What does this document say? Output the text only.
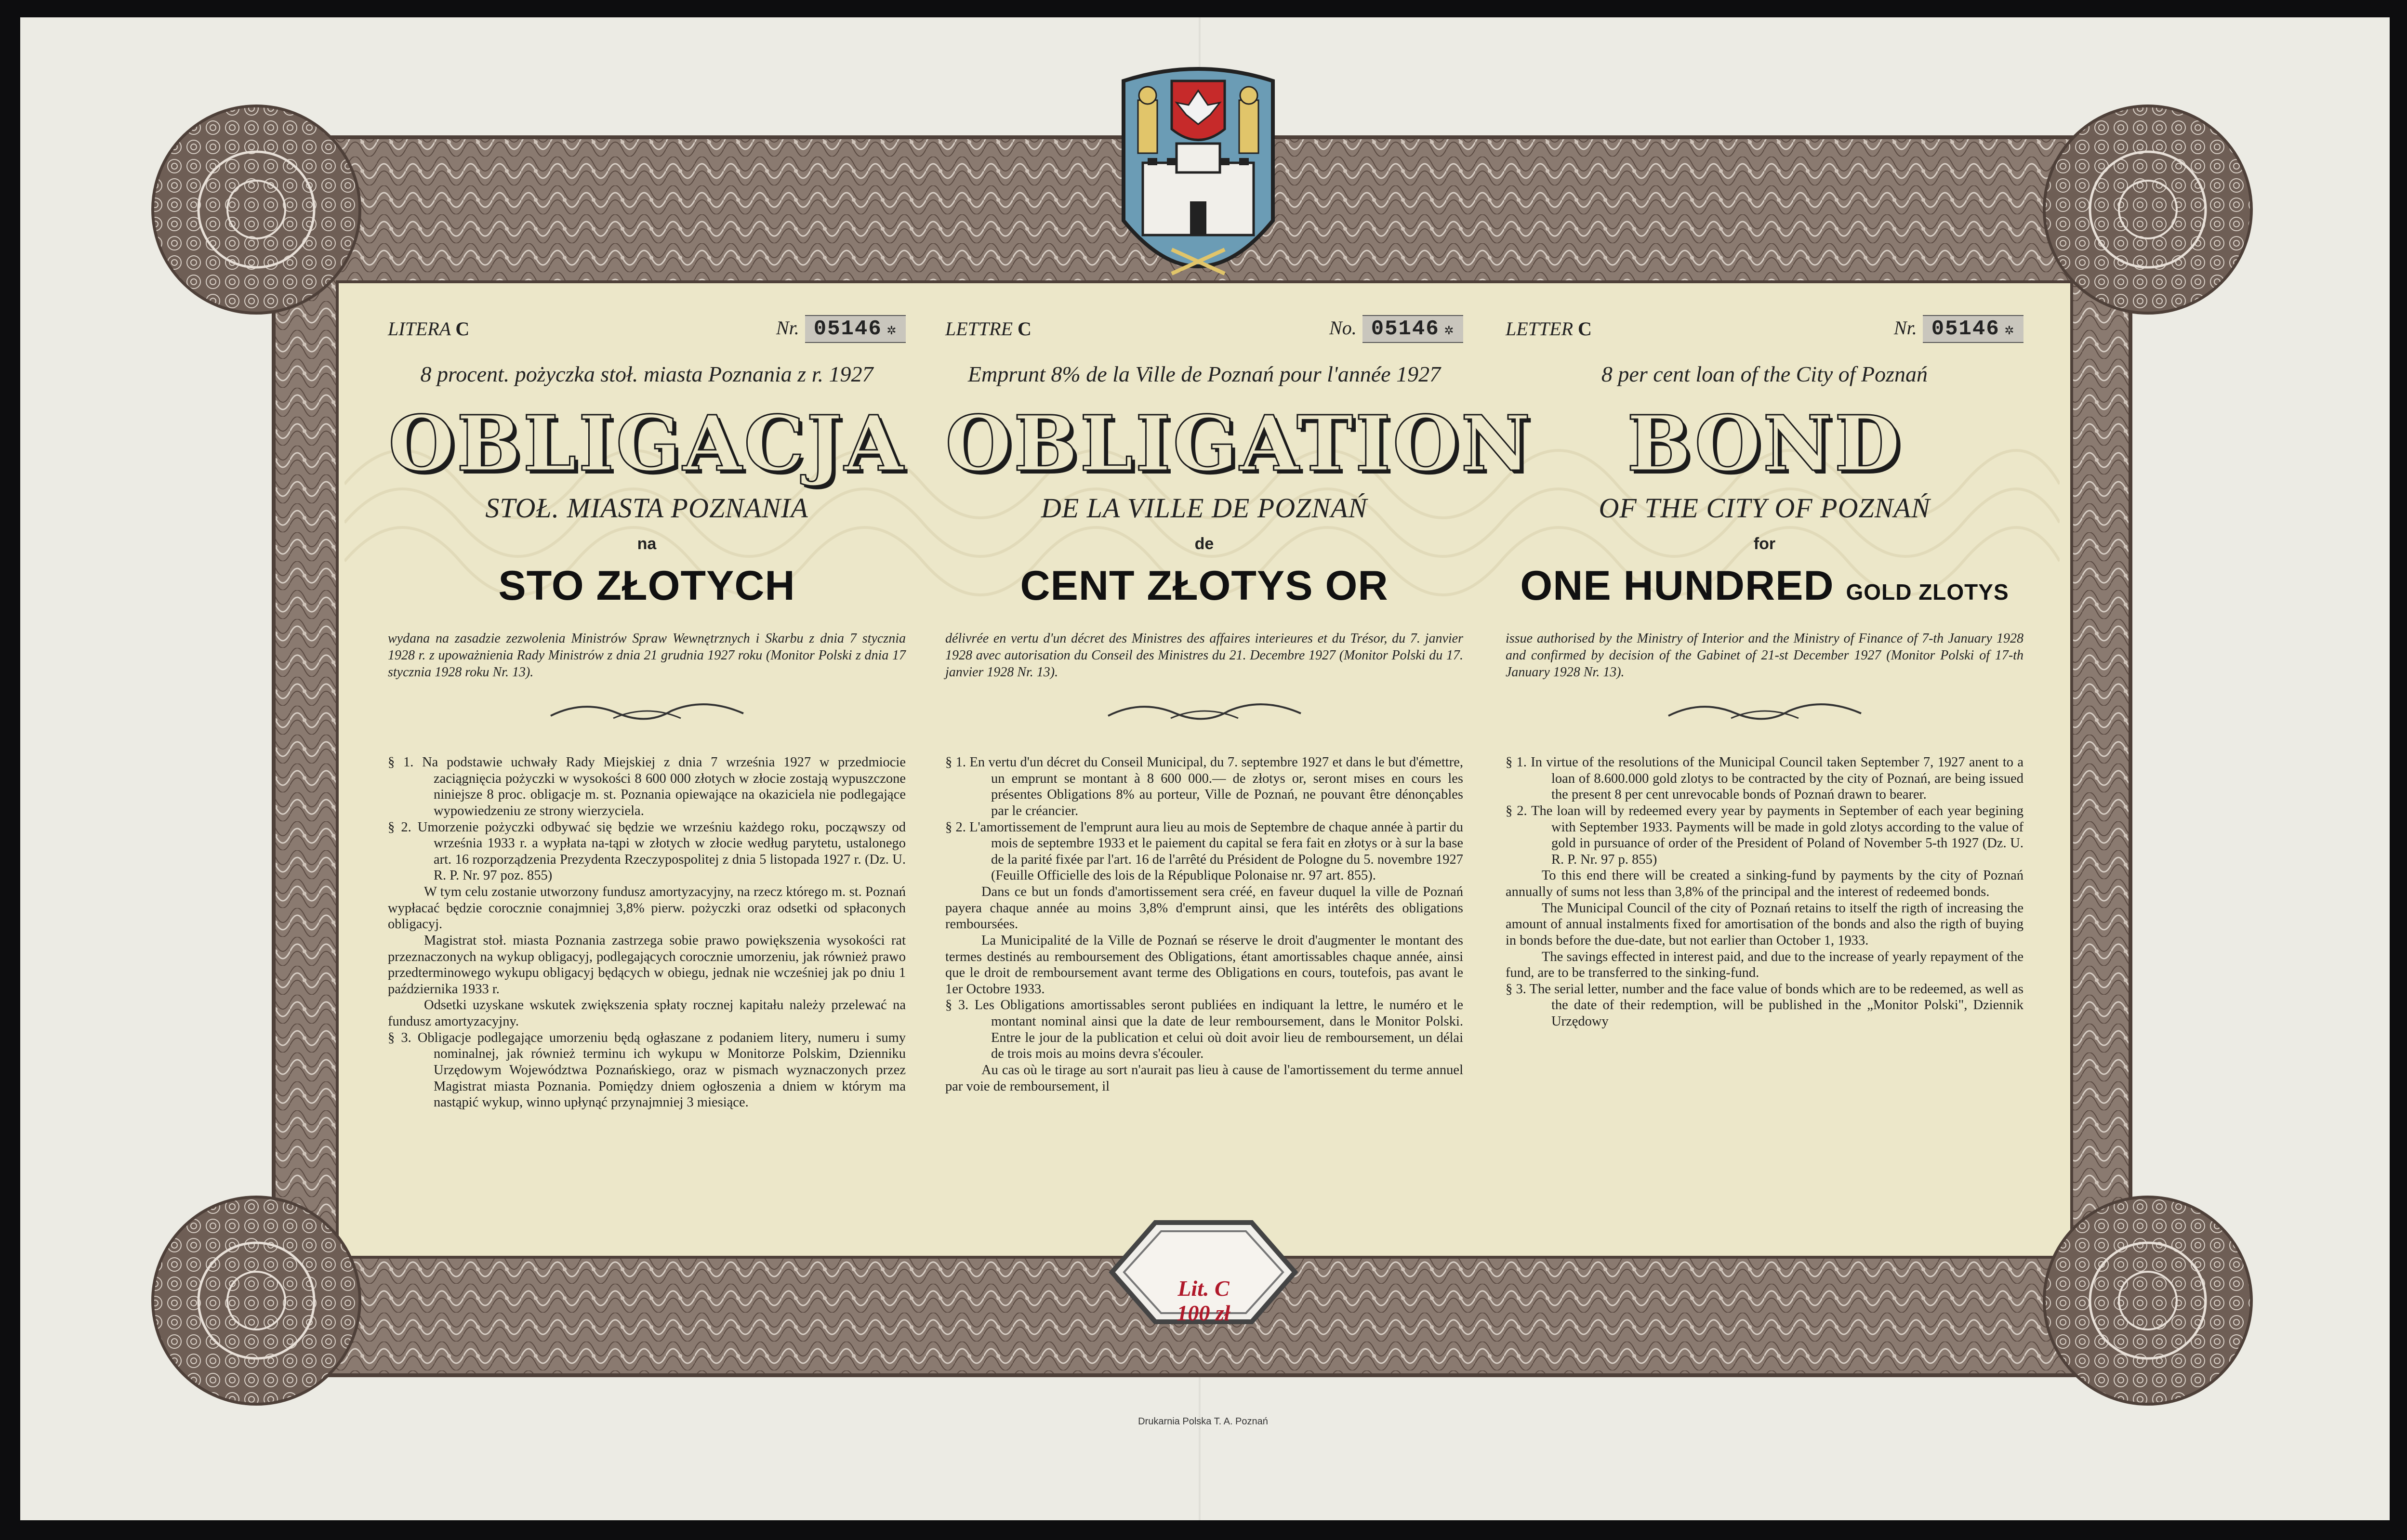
LITERA C	Nr. 05146 ✲
8 procent. pożyczka stoł. miasta Poznania z r. 1927
OBLIGACJA
STOŁ. MIASTA POZNANIA
na
STO ZŁOTYCH
wydana na zasadzie zezwolenia Ministrów Spraw Wewnętrznych i Skarbu z dnia 7 stycznia 1928 r. z upoważnienia Rady Ministrów z dnia 21 grudnia 1927 roku (Monitor Polski z dnia 17 stycznia 1928 roku Nr. 13).

§ 1. Na podstawie uchwały Rady Miejskiej z dnia 7 września 1927 w przedmiocie zaciągnięcia pożyczki w wysokości 8 600 000 złotych w złocie zostają wypuszczone niniejsze 8 proc. obligacje m. st. Poznania opiewające na okaziciela nie podlegające wypowiedzeniu ze strony wierzyciela.

§ 2. Umorzenie pożyczki odbywać się będzie we wrześniu każdego roku, począwszy od września 1933 r. a wypłata na-tąpi w złotych w złocie według parytetu, ustalonego art. 16 rozporządzenia Prezydenta Rzeczypospolitej z dnia 5 listopada 1927 r. (Dz. U. R. P. Nr. 97 poz. 855)

W tym celu zostanie utworzony fundusz amortyzacyjny, na rzecz którego m. st. Poznań wypłacać będzie corocznie conajmniej 3,8% pierw. pożyczki oraz odsetki od spłaconych obligacyj.

Magistrat stoł. miasta Poznania zastrzega sobie prawo powiększenia wysokości rat przeznaczonych na wykup obligacyj, podlegających corocznie umorzeniu, jak również prawo przedterminowego wykupu obligacyj będących w obiegu, jednak nie wcześniej jak po dniu 1 października 1933 r.

Odsetki uzyskane wskutek zwiększenia spłaty rocznej kapitału należy przelewać na fundusz amortyzacyjny.

§ 3. Obligacje podlegające umorzeniu będą ogłaszane z podaniem litery, numeru i sumy nominalnej, jak również terminu ich wykupu w Monitorze Polskim, Dzienniku Urzędowym Województwa Poznańskiego, oraz w pismach wyznaczonych przez Magistrat miasta Poznania. Pomiędzy dniem ogłoszenia a dniem w którym ma nastąpić wykup, winno upłynąć przynajmniej 3 miesiące.

LETTRE C	No. 05146 ✲
Emprunt 8% de la Ville de Poznań pour l'année 1927
OBLIGATION
DE LA VILLE DE POZNAŃ
de
CENT ZŁOTYS OR
délivrée en vertu d'un décret des Ministres des affaires interieures et du Trésor, du 7. janvier 1928 avec autorisation du Conseil des Ministres du 21. Decembre 1927 (Monitor Polski du 17. janvier 1928 Nr. 13).

§ 1. En vertu d'un décret du Conseil Municipal, du 7. septembre 1927 et dans le but d'émettre, un emprunt se montant à 8 600 000.— de złotys or, seront mises en cours les présentes Obligations 8% au porteur, Ville de Poznań, ne pouvant être dénonçables par le créancier.

§ 2. L'amortissement de l'emprunt aura lieu au mois de Septembre de chaque année à partir du mois de septembre 1933 et le paiement du capital se fera fait en złotys or à sur la base de la parité fixée par l'art. 16 de l'arrêté du Président de Pologne du 5. novembre 1927 (Feuille Officielle des lois de la République Polonaise nr. 97 art. 855).

Dans ce but un fonds d'amortissement sera créé, en faveur duquel la ville de Poznań payera chaque année au moins 3,8% d'emprunt ainsi, que les intérêts des obligations remboursées.

La Municipalité de la Ville de Poznań se réserve le droit d'augmenter le montant des termes destinés au remboursement des Obligations, étant amortissables chaque année, ainsi que le droit de remboursement avant terme des Obligations en cours, toutefois, pas avant le 1er Octobre 1933.

§ 3. Les Obligations amortissables seront publiées en indiquant la lettre, le numéro et le montant nominal ainsi que la date de leur remboursement, dans le Monitor Polski. Entre le jour de la publication et celui où doit avoir lieu de remboursement, un délai de trois mois au moins devra s'écouler.

Au cas où le tirage au sort n'aurait pas lieu à cause de l'amortissement du terme annuel par voie de remboursement, il

LETTER C	Nr. 05146 ✲
8 per cent loan of the City of Poznań
BOND
OF THE CITY OF POZNAŃ
for
ONE HUNDRED GOLD ZLOTYS
issue authorised by the Ministry of Interior and the Ministry of Finance of 7-th January 1928 and confirmed by decision of the Gabinet of 21-st December 1927 (Monitor Polski of 17-th January 1928 Nr. 13).

§ 1. In virtue of the resolutions of the Municipal Council taken September 7, 1927 anent to a loan of 8.600.000 gold zlotys to be contracted by the city of Poznań, are being issued the present 8 per cent unrevocable bonds of Poznań drawn to bearer.

§ 2. The loan will by redeemed every year by payments in September of each year begining with September 1933. Payments will be made in gold zlotys according to the value of gold in pursuance of order of the President of Poland of November 5-th 1927 (Dz. U. R. P. Nr. 97 p. 855)

To this end there will be created a sinking-fund by payments by the city of Poznań annually of sums not less than 3,8% of the principal and the interest of redeemed bonds.

The Municipal Council of the city of Poznań retains to itself the rigth of increasing the amount of annual instalments fixed for amortisation of the bonds and also the rigth of buying in bonds before the due-date, but not earlier than October 1, 1933.

The savings effected in interest paid, and due to the increase of yearly repayment of the fund, are to be transferred to the sinking-fund.

§ 3. The serial letter, number and the face value of bonds which are to be redeemed, as well as the date of their redemption, will be published in the „Monitor Polski", Dziennik Urzędowy

Lit. C
100 zł
Drukarnia Polska T. A. Poznań
